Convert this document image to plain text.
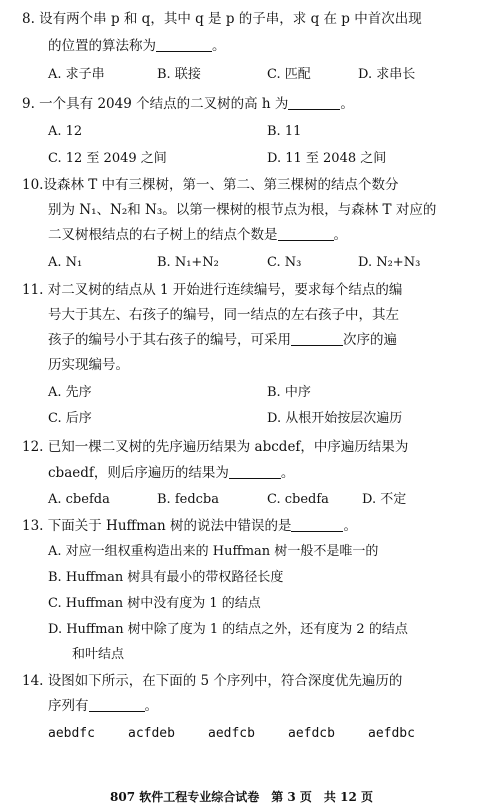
8. 设有两个串 p 和 q，其中 q 是 p 的子串，求 q 在 p 中首次出现
的位置的算法称为	。
A. 求子串	B. 联接	C. 匹配	D. 求串长
9. 一个具有 2049 个结点的二叉树的高 h 为	。
A. 12	B. 11
C. 12 至 2049 之间	D. 11 至 2048 之间
10.设森林 T 中有三棵树，第一、第二、第三棵树的结点个数分
别为 N₁、N₂和 N₃。以第一棵树的根节点为根，与森林 T 对应的
二叉树根结点的右子树上的结点个数是	。
A. N₁	B. N₁+N₂	C. N₃	D. N₂+N₃
11. 对二叉树的结点从 1 开始进行连续编号，要求每个结点的编
号大于其左、右孩子的编号，同一结点的左右孩子中，其左
孩子的编号小于其右孩子的编号，可采用	次序的遍
历实现编号。
A. 先序	B. 中序
C. 后序	D. 从根开始按层次遍历
12. 已知一棵二叉树的先序遍历结果为 abcdef，中序遍历结果为
cbaedf，则后序遍历的结果为	。
A. cbefda	B. fedcba	C. cbedfa	D. 不定
13. 下面关于 Huffman 树的说法中错误的是	。
A. 对应一组权重构造出来的 Huffman 树一般不是唯一的
B. Huffman 树具有最小的带权路径长度
C. Huffman 树中没有度为 1 的结点
D. Huffman 树中除了度为 1 的结点之外，还有度为 2 的结点
和叶结点
14. 设图如下所示，在下面的 5 个序列中，符合深度优先遍历的
序列有	。
aebdfc	acfdeb	aedfcb	aefdcb	aefdbc
807 软件工程专业综合试卷　第 3 页　共 12 页
